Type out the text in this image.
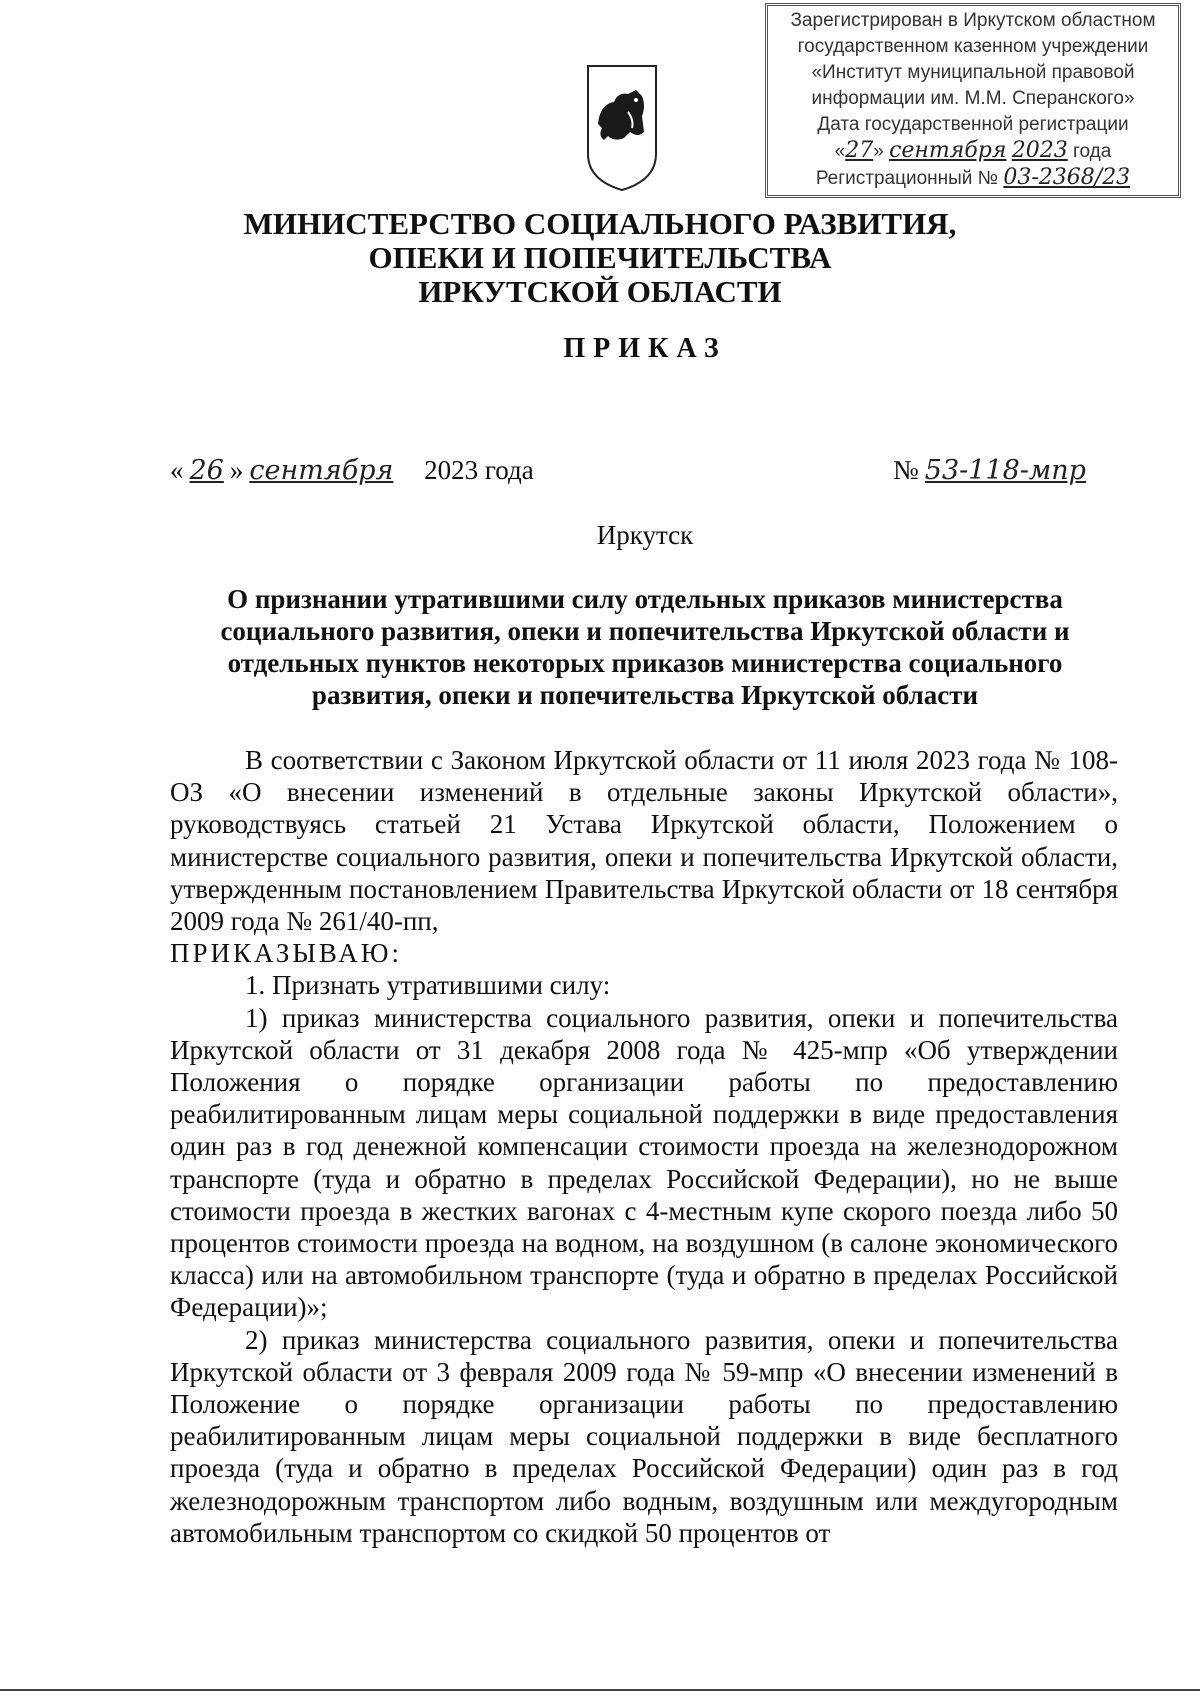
Зарегистрирован в Иркутском областном
государственном казенном учреждении
«Институт муниципальной правовой
информации им. М.М. Сперанского»
Дата государственной регистрации
«27» сентября 2023 года
Регистрационный № 03-2368/23
МИНИСТЕРСТВО СОЦИАЛЬНОГО РАЗВИТИЯ,
ОПЕКИ И ПОПЕЧИТЕЛЬСТВА
ИРКУТСКОЙ ОБЛАСТИ
ПРИКАЗ
« 26 » сентября 2023 года	№ 53-118-мпр
Иркутск
О признании утратившими силу отдельных приказов министерства социального развития, опеки и попечительства Иркутской области и отдельных пунктов некоторых приказов министерства социального развития, опеки и попечительства Иркутской области

В соответствии с Законом Иркутской области от 11 июля 2023 года № 108-ОЗ «О внесении изменений в отдельные законы Иркутской области», руководствуясь статьей 21 Устава Иркутской области, Положением о министерстве социального развития, опеки и попечительства Иркутской области, утвержденным постановлением Правительства Иркутской области от 18 сентября 2009 года № 261/40-пп,

ПРИКАЗЫВАЮ:

1. Признать утратившими силу:

1) приказ министерства социального развития, опеки и попечительства Иркутской области от 31 декабря 2008 года № 425-мпр «Об утверждении Положения о порядке организации работы по предоставлению реабилитированным лицам меры социальной поддержки в виде предоставления один раз в год денежной компенсации стоимости проезда на железнодорожном транспорте (туда и обратно в пределах Российской Федерации), но не выше стоимости проезда в жестких вагонах с 4-местным купе скорого поезда либо 50 процентов стоимости проезда на водном, на воздушном (в салоне экономического класса) или на автомобильном транспорте (туда и обратно в пределах Российской Федерации)»;

2) приказ министерства социального развития, опеки и попечительства Иркутской области от 3 февраля 2009 года № 59-мпр «О внесении изменений в Положение о порядке организации работы по предоставлению реабилитированным лицам меры социальной поддержки в виде бесплатного проезда (туда и обратно в пределах Российской Федерации) один раз в год железнодорожным транспортом либо водным, воздушным или междугородным автомобильным транспортом со скидкой 50 процентов от
